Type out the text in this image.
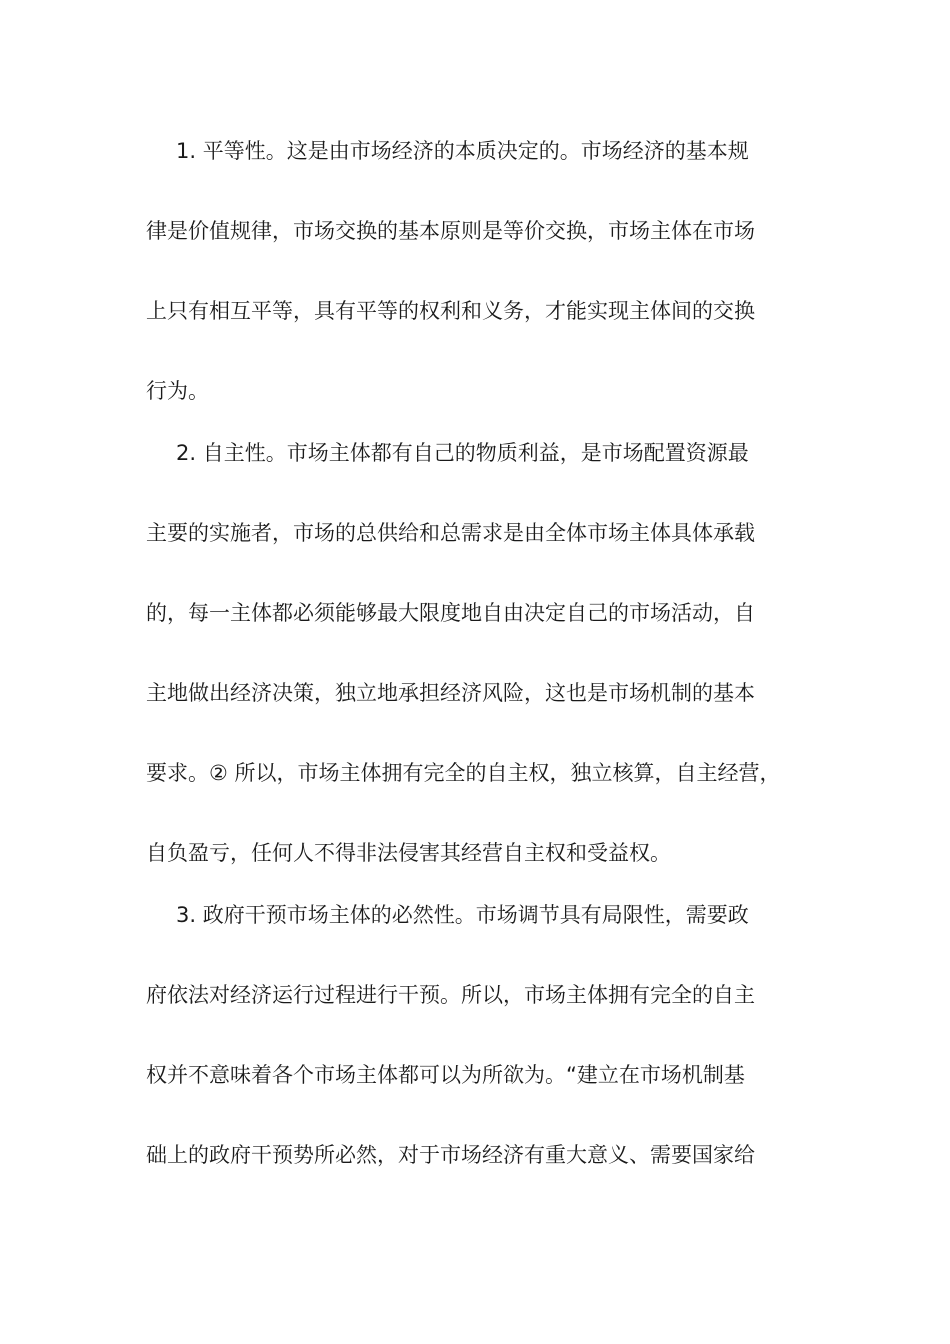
1. 平等性。这是由市场经济的本质决定的。市场经济的基本规
律是价值规律，市场交换的基本原则是等价交换，市场主体在市场
上只有相互平等，具有平等的权利和义务，才能实现主体间的交换
行为。
2. 自主性。市场主体都有自己的物质利益，是市场配置资源最
主要的实施者，市场的总供给和总需求是由全体市场主体具体承载
的，每一主体都必须能够最大限度地自由决定自己的市场活动，自
主地做出经济决策，独立地承担经济风险，这也是市场机制的基本
要求。② 所以，市场主体拥有完全的自主权，独立核算，自主经营，
自负盈亏，任何人不得非法侵害其经营自主权和受益权。
3. 政府干预市场主体的必然性。市场调节具有局限性，需要政
府依法对经济运行过程进行干预。所以，市场主体拥有完全的自主
权并不意味着各个市场主体都可以为所欲为。“建立在市场机制基
础上的政府干预势所必然，对于市场经济有重大意义、需要国家给
